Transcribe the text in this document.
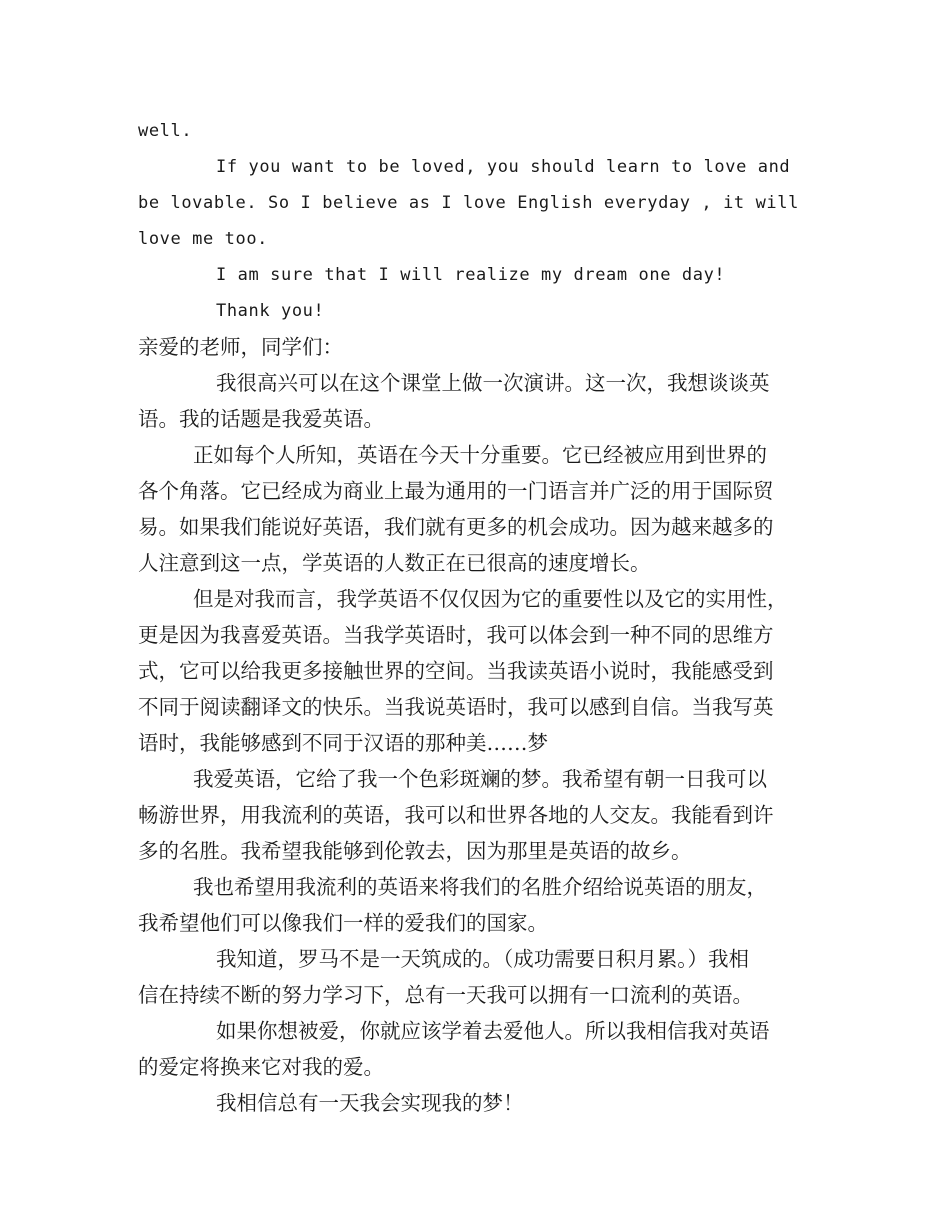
well.

If you want to be loved, you should learn to love and
be lovable. So I believe as I love English everyday , it will
love me too.

I am sure that I will realize my dream one day!

Thank you!

亲爱的老师，同学们：

我很高兴可以在这个课堂上做一次演讲。这一次，我想谈谈英
语。我的话题是我爱英语。

正如每个人所知，英语在今天十分重要。它已经被应用到世界的
各个角落。它已经成为商业上最为通用的一门语言并广泛的用于国际贸
易。如果我们能说好英语，我们就有更多的机会成功。因为越来越多的
人注意到这一点，学英语的人数正在已很高的速度增长。

但是对我而言，我学英语不仅仅因为它的重要性以及它的实用性，
更是因为我喜爱英语。当我学英语时，我可以体会到一种不同的思维方
式，它可以给我更多接触世界的空间。当我读英语小说时，我能感受到
不同于阅读翻译文的快乐。当我说英语时，我可以感到自信。当我写英
语时，我能够感到不同于汉语的那种美……梦

我爱英语，它给了我一个色彩斑斓的梦。我希望有朝一日我可以
畅游世界，用我流利的英语，我可以和世界各地的人交友。我能看到许
多的名胜。我希望我能够到伦敦去，因为那里是英语的故乡。

我也希望用我流利的英语来将我们的名胜介绍给说英语的朋友，
我希望他们可以像我们一样的爱我们的国家。

我知道，罗马不是一天筑成的。（成功需要日积月累。）我相
信在持续不断的努力学习下，总有一天我可以拥有一口流利的英语。

如果你想被爱，你就应该学着去爱他人。所以我相信我对英语
的爱定将换来它对我的爱。

我相信总有一天我会实现我的梦！
